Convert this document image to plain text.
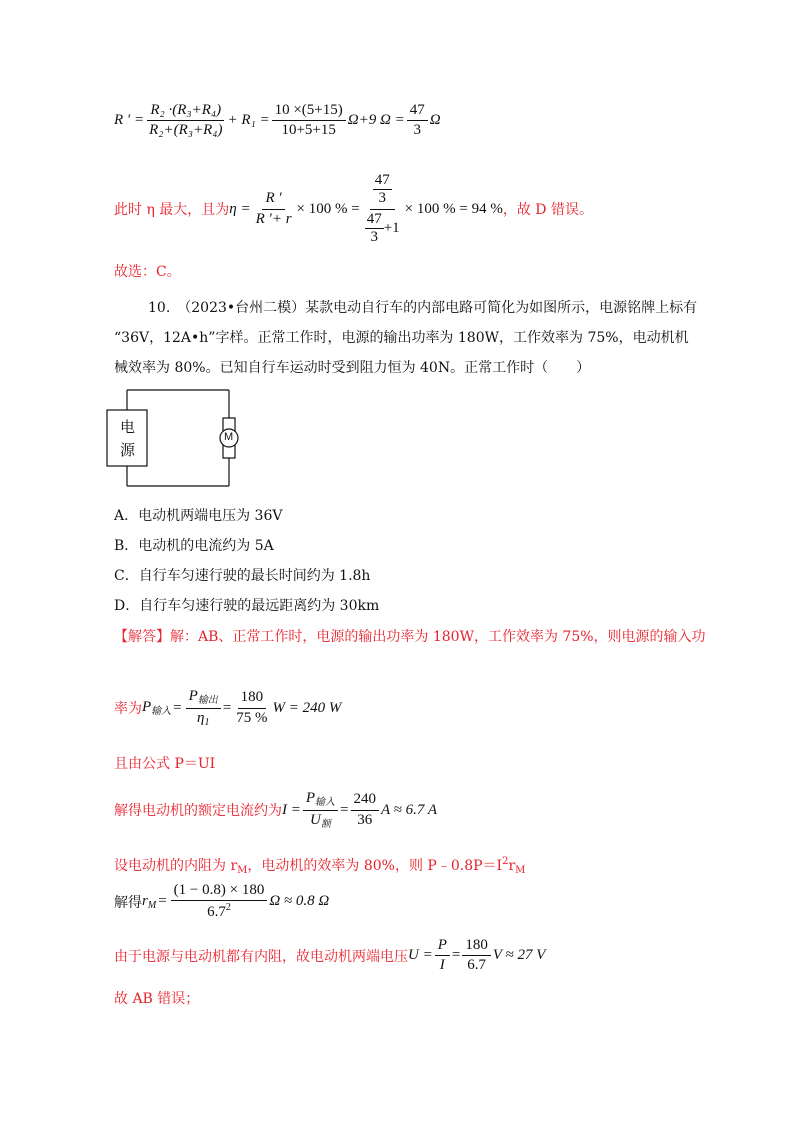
R ′ = $\frac{\text{R₂ ·(R₃+R₄)}}{\text{R₂+(R₃+R₄)}} + R_1 = \frac{10 \times(5+15)}{10+5+15} \Omega+9$ $\Omega = \frac{47}{3}$ Ω
此时 η 最大，且为 $\eta = \frac{R '}{R '+ r} \times 100$ % = 47
3
47
3
+1 × 100 % = 94 % ，故 D 错误。
故选：C。
10.　（2023•台州二模）某款电动自行车的内部电路可简化为如图所示，电源铭牌上标有
“36V，12A•h”字样。正常工作时，电源的输出功率为 180W，工作效率为 75%，电动机机
械效率为 80%。已知自行车运动时受到阻力恒为 40N。正常工作时（　　）
电
源
M
A．电动机两端电压为 36V
B．电动机的电流约为 5A
C．自行车匀速行驶的最长时间约为 1.8h
D．自行车匀速行驶的最远距离约为 30km
【解答】解：AB、正常工作时，电源的输出功率为 180W，工作效率为 75%，则电源的输入功
率为 $P_{输入} = \frac{P_{输出}}{\eta_1} = \frac{180}{75 \%}$ W = 240 W
且由公式 P＝UI
解得电动机的额定电流约为 $I = \frac{P_{输入}}{U_额} = \frac{240}{36}$ A ≈ 6.7 A
设电动机的内阻为 $r_M$，电动机的效率为 80%，则 $P﹣0.8P=I^2r_M$
解得 $r_M = \frac{(1 - 0.8) \times 180}{6.7^2}$ Ω ≈ 0.8 Ω
由于电源与电动机都有内阻，故电动机两端电压 $U = \frac{P}{I} = \frac{180}{6.7}$ V ≈ 27 V
故 AB 错误；
